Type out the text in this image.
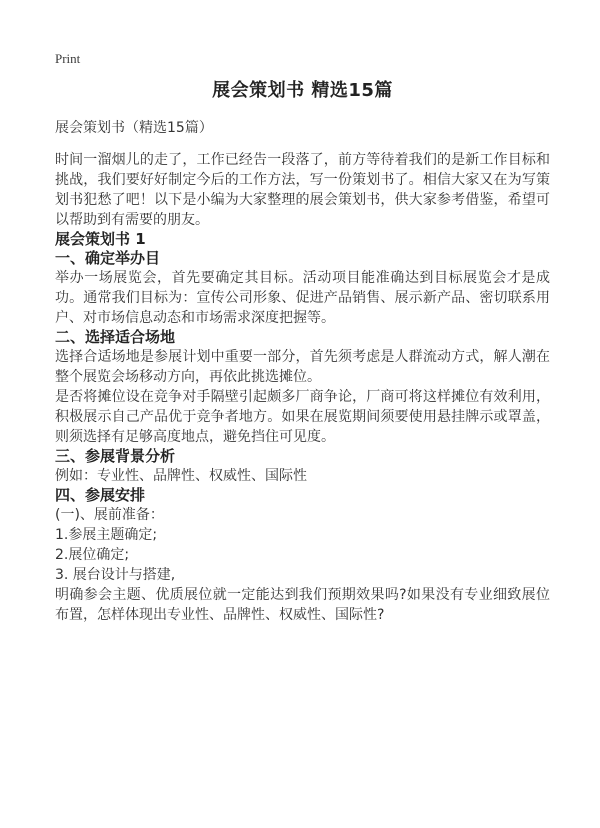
Print
展会策划书 精选15篇

展会策划书（精选15篇）

时间一溜烟儿的走了，工作已经告一段落了，前方等待着我们的是新工作目标和挑战，我们要好好制定今后的工作方法，写一份策划书了。相信大家又在为写策划书犯愁了吧！以下是小编为大家整理的展会策划书，供大家参考借鉴，希望可以帮助到有需要的朋友。

展会策划书 1
一、确定举办目

举办一场展览会，首先要确定其目标。活动项目能准确达到目标展览会才是成功。通常我们目标为：宣传公司形象、促进产品销售、展示新产品、密切联系用户、对市场信息动态和市场需求深度把握等。

二、选择适合场地

选择合适场地是参展计划中重要一部分，首先须考虑是人群流动方式，解人潮在整个展览会场移动方向，再依此挑选摊位。

是否将摊位设在竞争对手隔壁引起颇多厂商争论，厂商可将这样摊位有效利用，积极展示自己产品优于竞争者地方。如果在展览期间须要使用悬挂牌示或罩盖，则须选择有足够高度地点，避免挡住可见度。

三、参展背景分析

例如：专业性、品牌性、权威性、国际性

四、参展安排

(一)、展前准备：

1.参展主题确定;

2.展位确定;

3. 展台设计与搭建,

明确参会主题、优质展位就一定能达到我们预期效果吗?如果没有专业细致展位布置，怎样体现出专业性、品牌性、权威性、国际性?
